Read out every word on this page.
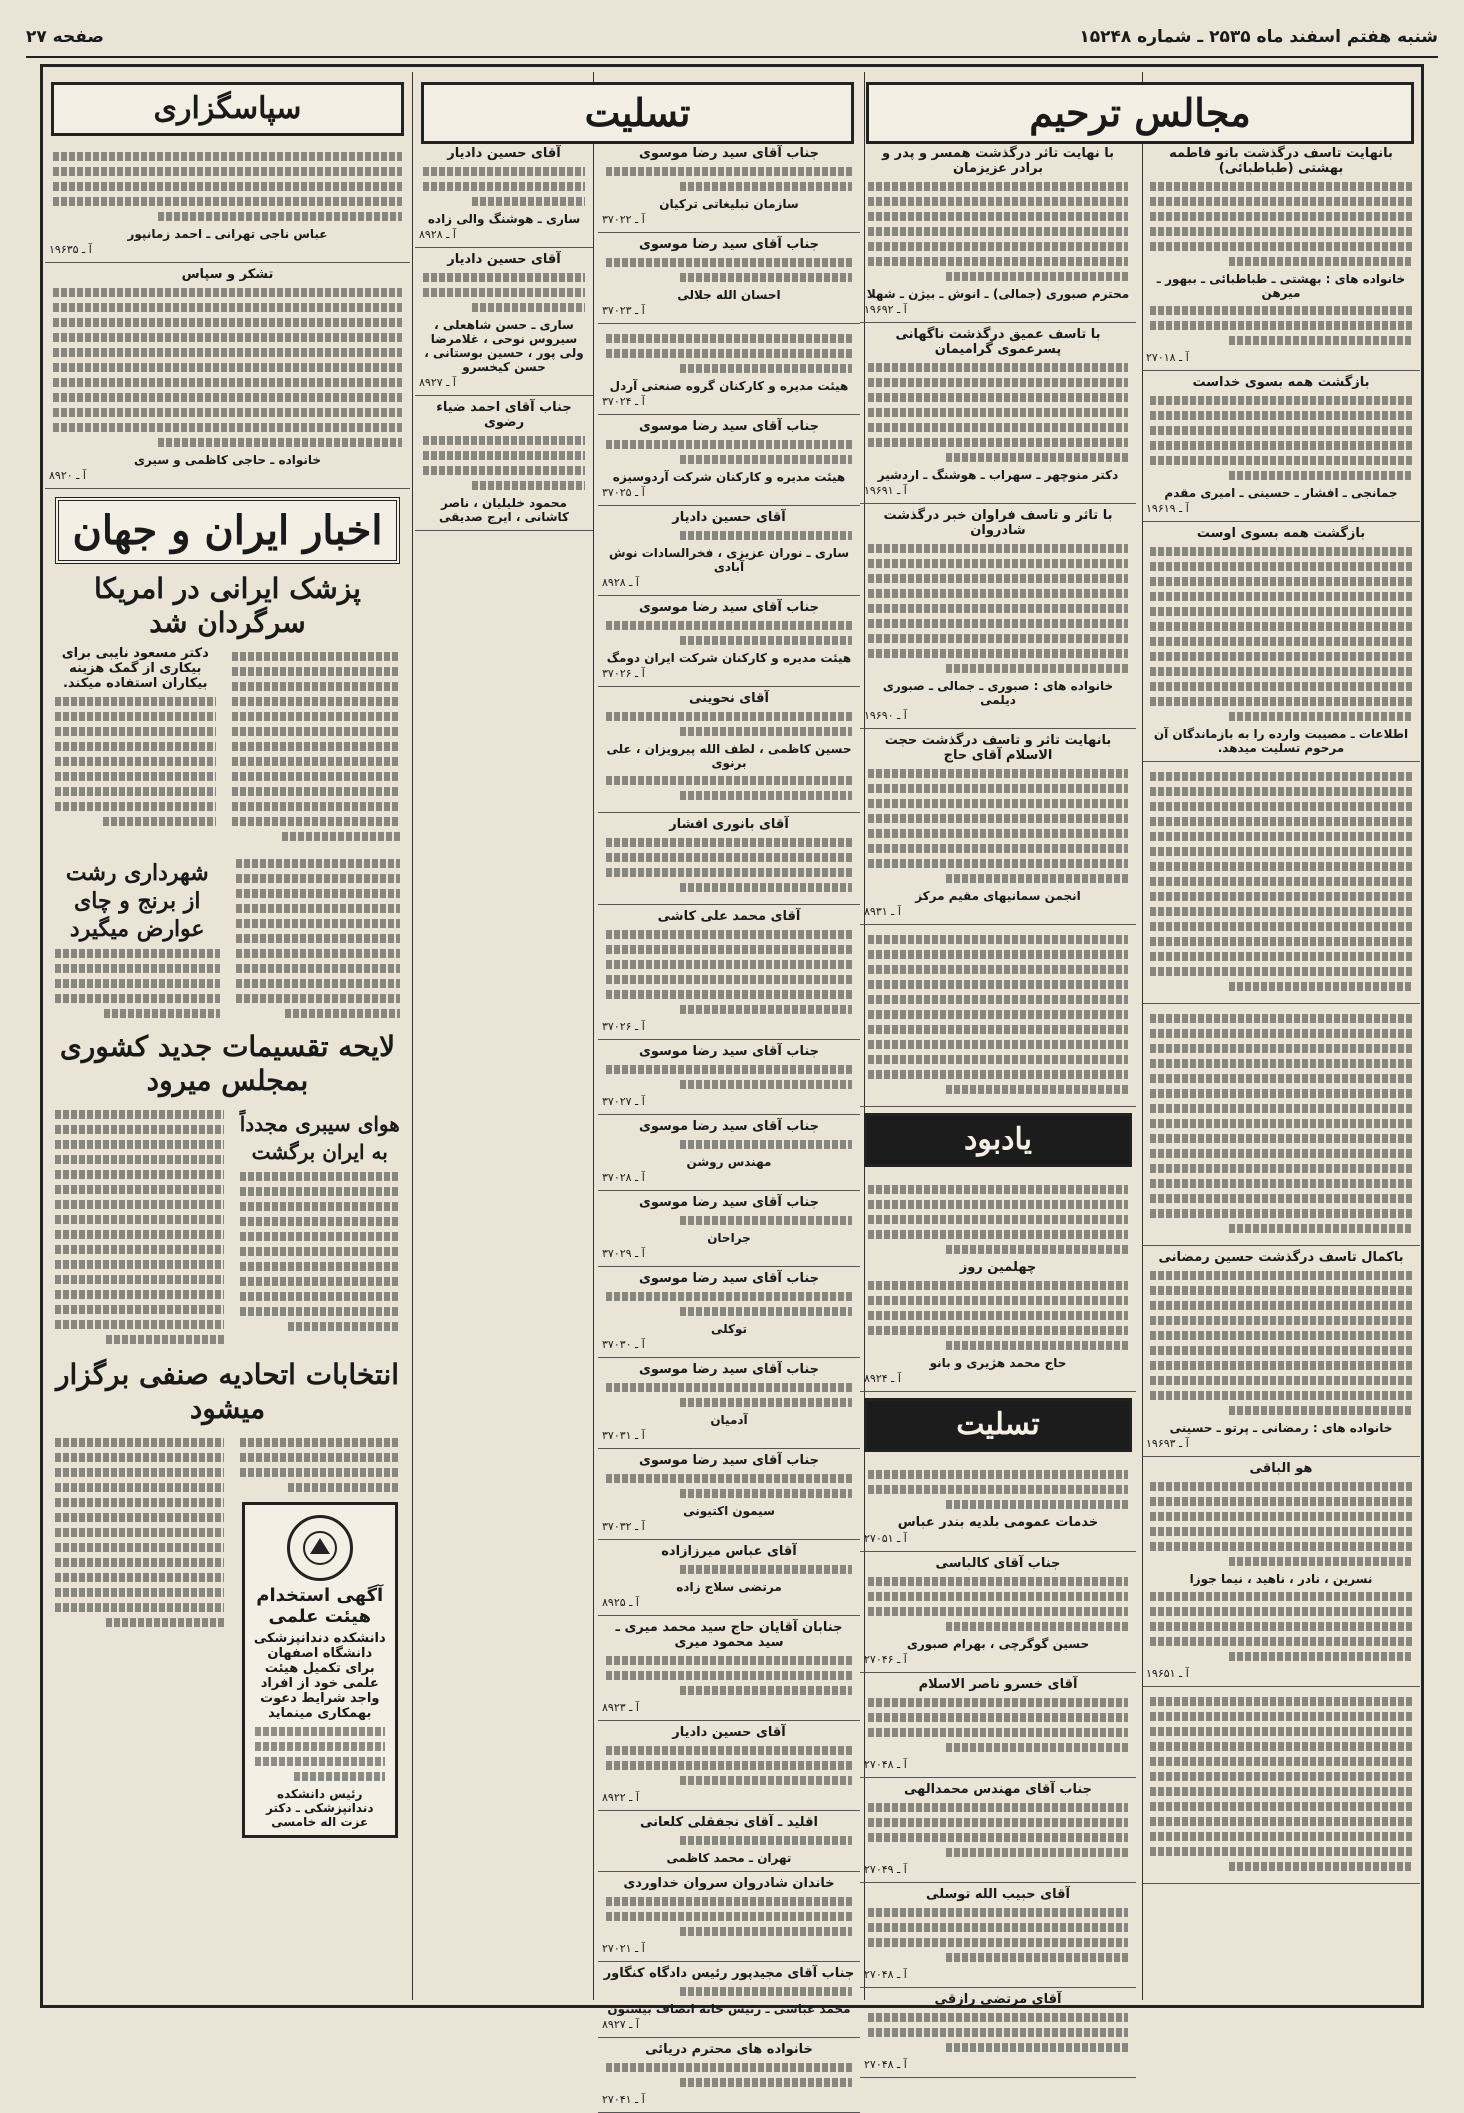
شنبه هفتم اسفند ماه ۲۵۳۵ ـ شماره ۱۵۲۴۸
صفحه ۲۷
مجالس ترحیم
بانهایت تاسف درگذشت بانو فاطمه بهشتی (طباطبائی)
خانواده های : بهشتی ـ طباطبائی ـ ببهور ـ میرهن
آ ـ ۲۷۰۱۸
بازگشت همه بسوی خداست
جمانجی ـ افشار ـ حسینی ـ امیری مقدم
آ ـ ۱۹۶۱۹
بازگشت همه بسوی اوست
اطلاعات ـ مصیبت وارده را به بازماندگان آن مرحوم تسلیت میدهد.
باکمال تاسف درگذشت حسین رمضانی
خانواده های : رمضانی ـ پرتو ـ حسینی
آ ـ ۱۹۶۹۳
هو الباقی
نسرین ، نادر ، ناهید ، نیما جوزا
آ ـ ۱۹۶۵۱
با نهایت تاثر درگذشت همسر و پدر و برادر عزیزمان
محترم صبوری (جمالی) ـ انوش ـ بیژن ـ شهلا
آ ـ ۱۹۶۹۲
با تاسف عمیق درگذشت ناگهانی پسرعموی گرامیمان
دکتر منوچهر ـ سهراب ـ هوشنگ ـ اردشیر
آ ـ ۱۹۶۹۱
با تاثر و تاسف فراوان خبر درگذشت شادروان
خانواده های : صبوری ـ جمالی ـ صبوری دیلمی
آ ـ ۱۹۶۹۰
بانهایت تاثر و تاسف درگذشت حجت الاسلام آقای حاج
انجمن سمانیهای مقیم مرکز
آ ـ ۸۹۳۱
یادبود
چهلمین روز
حاج محمد هژیری و بانو
آ ـ ۸۹۲۴
تسلیت
خدمات عمومی بلدیه بندر عباس
آ ـ ۲۷۰۵۱
جناب آقای کالباسی
حسین گوگرچی ، بهرام صبوری
آ ـ ۲۷۰۴۶
آقای خسرو ناصر الاسلام
آ ـ ۲۷۰۴۸
جناب آقای مهندس محمدالهی
آ ـ ۲۷۰۴۹
آقای حبیب الله توسلی
آ ـ ۲۷۰۴۸
آقای مرتضی رازقی
آ ـ ۲۷۰۴۸
تسلیت
جناب آقای سید رضا موسوی
سازمان تبلیغاتی ترکیان
آ ـ ۳۷۰۲۲
جناب آقای سید رضا موسوی
احسان الله جلالی
آ ـ ۳۷۰۲۳
هیئت مدیره و کارکنان گروه صنعتی آردل
آ ـ ۳۷۰۲۴
جناب آقای سید رضا موسوی
هیئت مدیره و کارکنان شرکت آردوسیزه
آ ـ ۳۷۰۲۵
آقای حسین دادیار
ساری ـ نوران عزیزی ، فخرالسادات نوش آبادی
آ ـ ۸۹۲۸
جناب آقای سید رضا موسوی
هیئت مدیره و کارکنان شرکت ایران دومگ
آ ـ ۳۷۰۲۶
آقای نحوینی
حسین کاظمی ، لطف الله پیرویزان ، علی برنوی
آقای بانوری افشار
آقای محمد علی کاشی
آ ـ ۳۷۰۲۶
جناب آقای سید رضا موسوی
آ ـ ۳۷۰۲۷
جناب آقای سید رضا موسوی
مهندس روشن
آ ـ ۳۷۰۲۸
جناب آقای سید رضا موسوی
جراحان
آ ـ ۳۷۰۲۹
جناب آقای سید رضا موسوی
توکلی
آ ـ ۳۷۰۳۰
جناب آقای سید رضا موسوی
آدمیان
آ ـ ۳۷۰۳۱
جناب آقای سید رضا موسوی
سیمون اکتیونی
آ ـ ۳۷۰۳۲
آقای عباس میرزازاده
مرتضی سلاج زاده
آ ـ ۸۹۲۵
جنابان آقایان حاج سید محمد میری ـ سید محمود میری
آ ـ ۸۹۲۳
آقای حسین دادیار
آ ـ ۸۹۲۲
اقلید ـ آقای نجفقلی کلعانی
تهران ـ محمد کاظمی
خاندان شادروان سروان خداوردی
آ ـ ۲۷۰۲۱
جناب آقای مجیدپور رئیس دادگاه کنگاور
محمد عباسی ـ رئیس خانه انصاف بیستون
آ ـ ۸۹۲۷
خانواده های محترم دریائی
آ ـ ۲۷۰۴۱
آقای حسین دادیار
ساری ـ هوشنگ والی زاده
آ ـ ۸۹۲۸
آقای حسین دادیار
ساری ـ حسن شاهعلی ، سیروس نوحی ، غلامرضا ولی پور ، حسین بوستانی ، حسن کیخسرو
آ ـ ۸۹۲۷
جناب آقای احمد ضیاء رضوی
محمود خلیلیان ، ناصر کاشانی ، ایرج صدیقی
سپاسگزاری
عباس ناجی تهرانی ـ احمد زمانپور
آ ـ ۱۹۶۳۵
تشکر و سپاس
خانواده ـ حاجی کاظمی و سیری
آ ـ ۸۹۲۰
اخبار ایران و جهان
پزشک ایرانی در امریکا سرگردان شد
دکتر مسعود نایبی برای بیکاری از گمک هزینه بیکاران استفاده میکند.
شهرداری رشت از برنج و چای عوارض میگیرد
لایحه تقسیمات جدید کشوری بمجلس میرود
هوای سیبری مجدداً به ایران برگشت
انتخابات اتحادیه صنفی برگزار میشود
آگهی استخدام هیئت علمی
دانشکده دندانپزشکی دانشگاه اصفهان برای تکمیل هیئت علمی خود از افراد واجد شرایط دعوت بهمکاری مینماید
رئیس دانشکده دندانپزشکی ـ دکتر عزت اله خامسی
